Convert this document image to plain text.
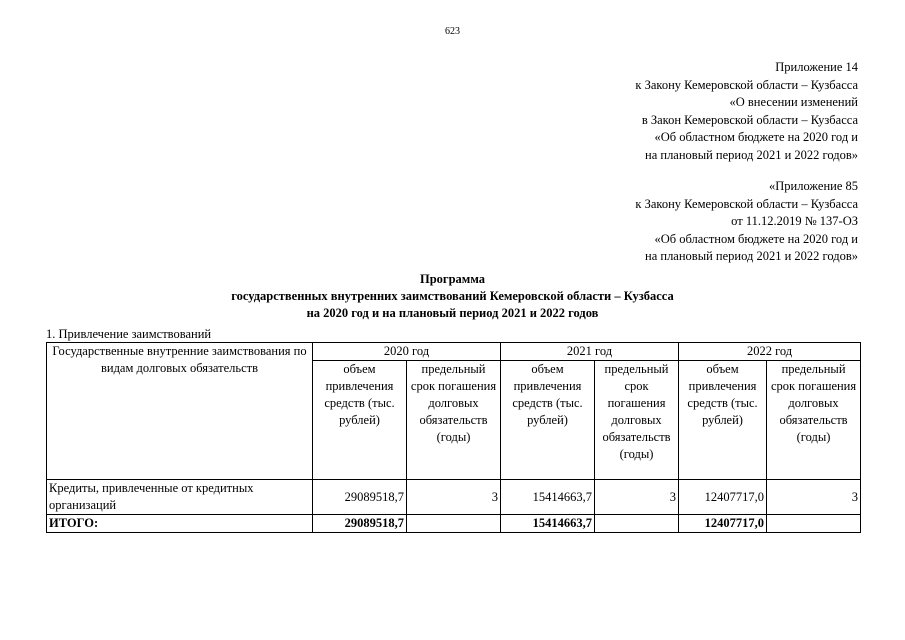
623
Приложение 14
к Закону Кемеровской области – Кузбасса
«О внесении изменений
в Закон Кемеровской области – Кузбасса
«Об областном бюджете на 2020 год и
на плановый период 2021 и 2022 годов»
«Приложение 85
к Закону Кемеровской области – Кузбасса
от 11.12.2019 № 137-ОЗ
«Об областном бюджете на 2020 год и
на плановый период 2021 и 2022 годов»
Программа
государственных внутренних заимствований Кемеровской области – Кузбасса
на 2020 год и на плановый период 2021 и 2022 годов
1. Привлечение заимствований
Государственные внутренние заимствования по видам долговых обязательств	2020 год		2021 год		2022 год	
	объем привлечения средств (тыс. рублей)	предельный срок погашения долговых обязательств (годы)	объем привлечения средств (тыс. рублей)	предельный срок погашения долговых обязательств (годы)	объем привлечения средств (тыс. рублей)	предельный срок погашения долговых обязательств (годы)
Кредиты, привлеченные от кредитных организаций	29089518,7	3	15414663,7	3	12407717,0	3
ИТОГО:	29089518,7		15414663,7		12407717,0	
